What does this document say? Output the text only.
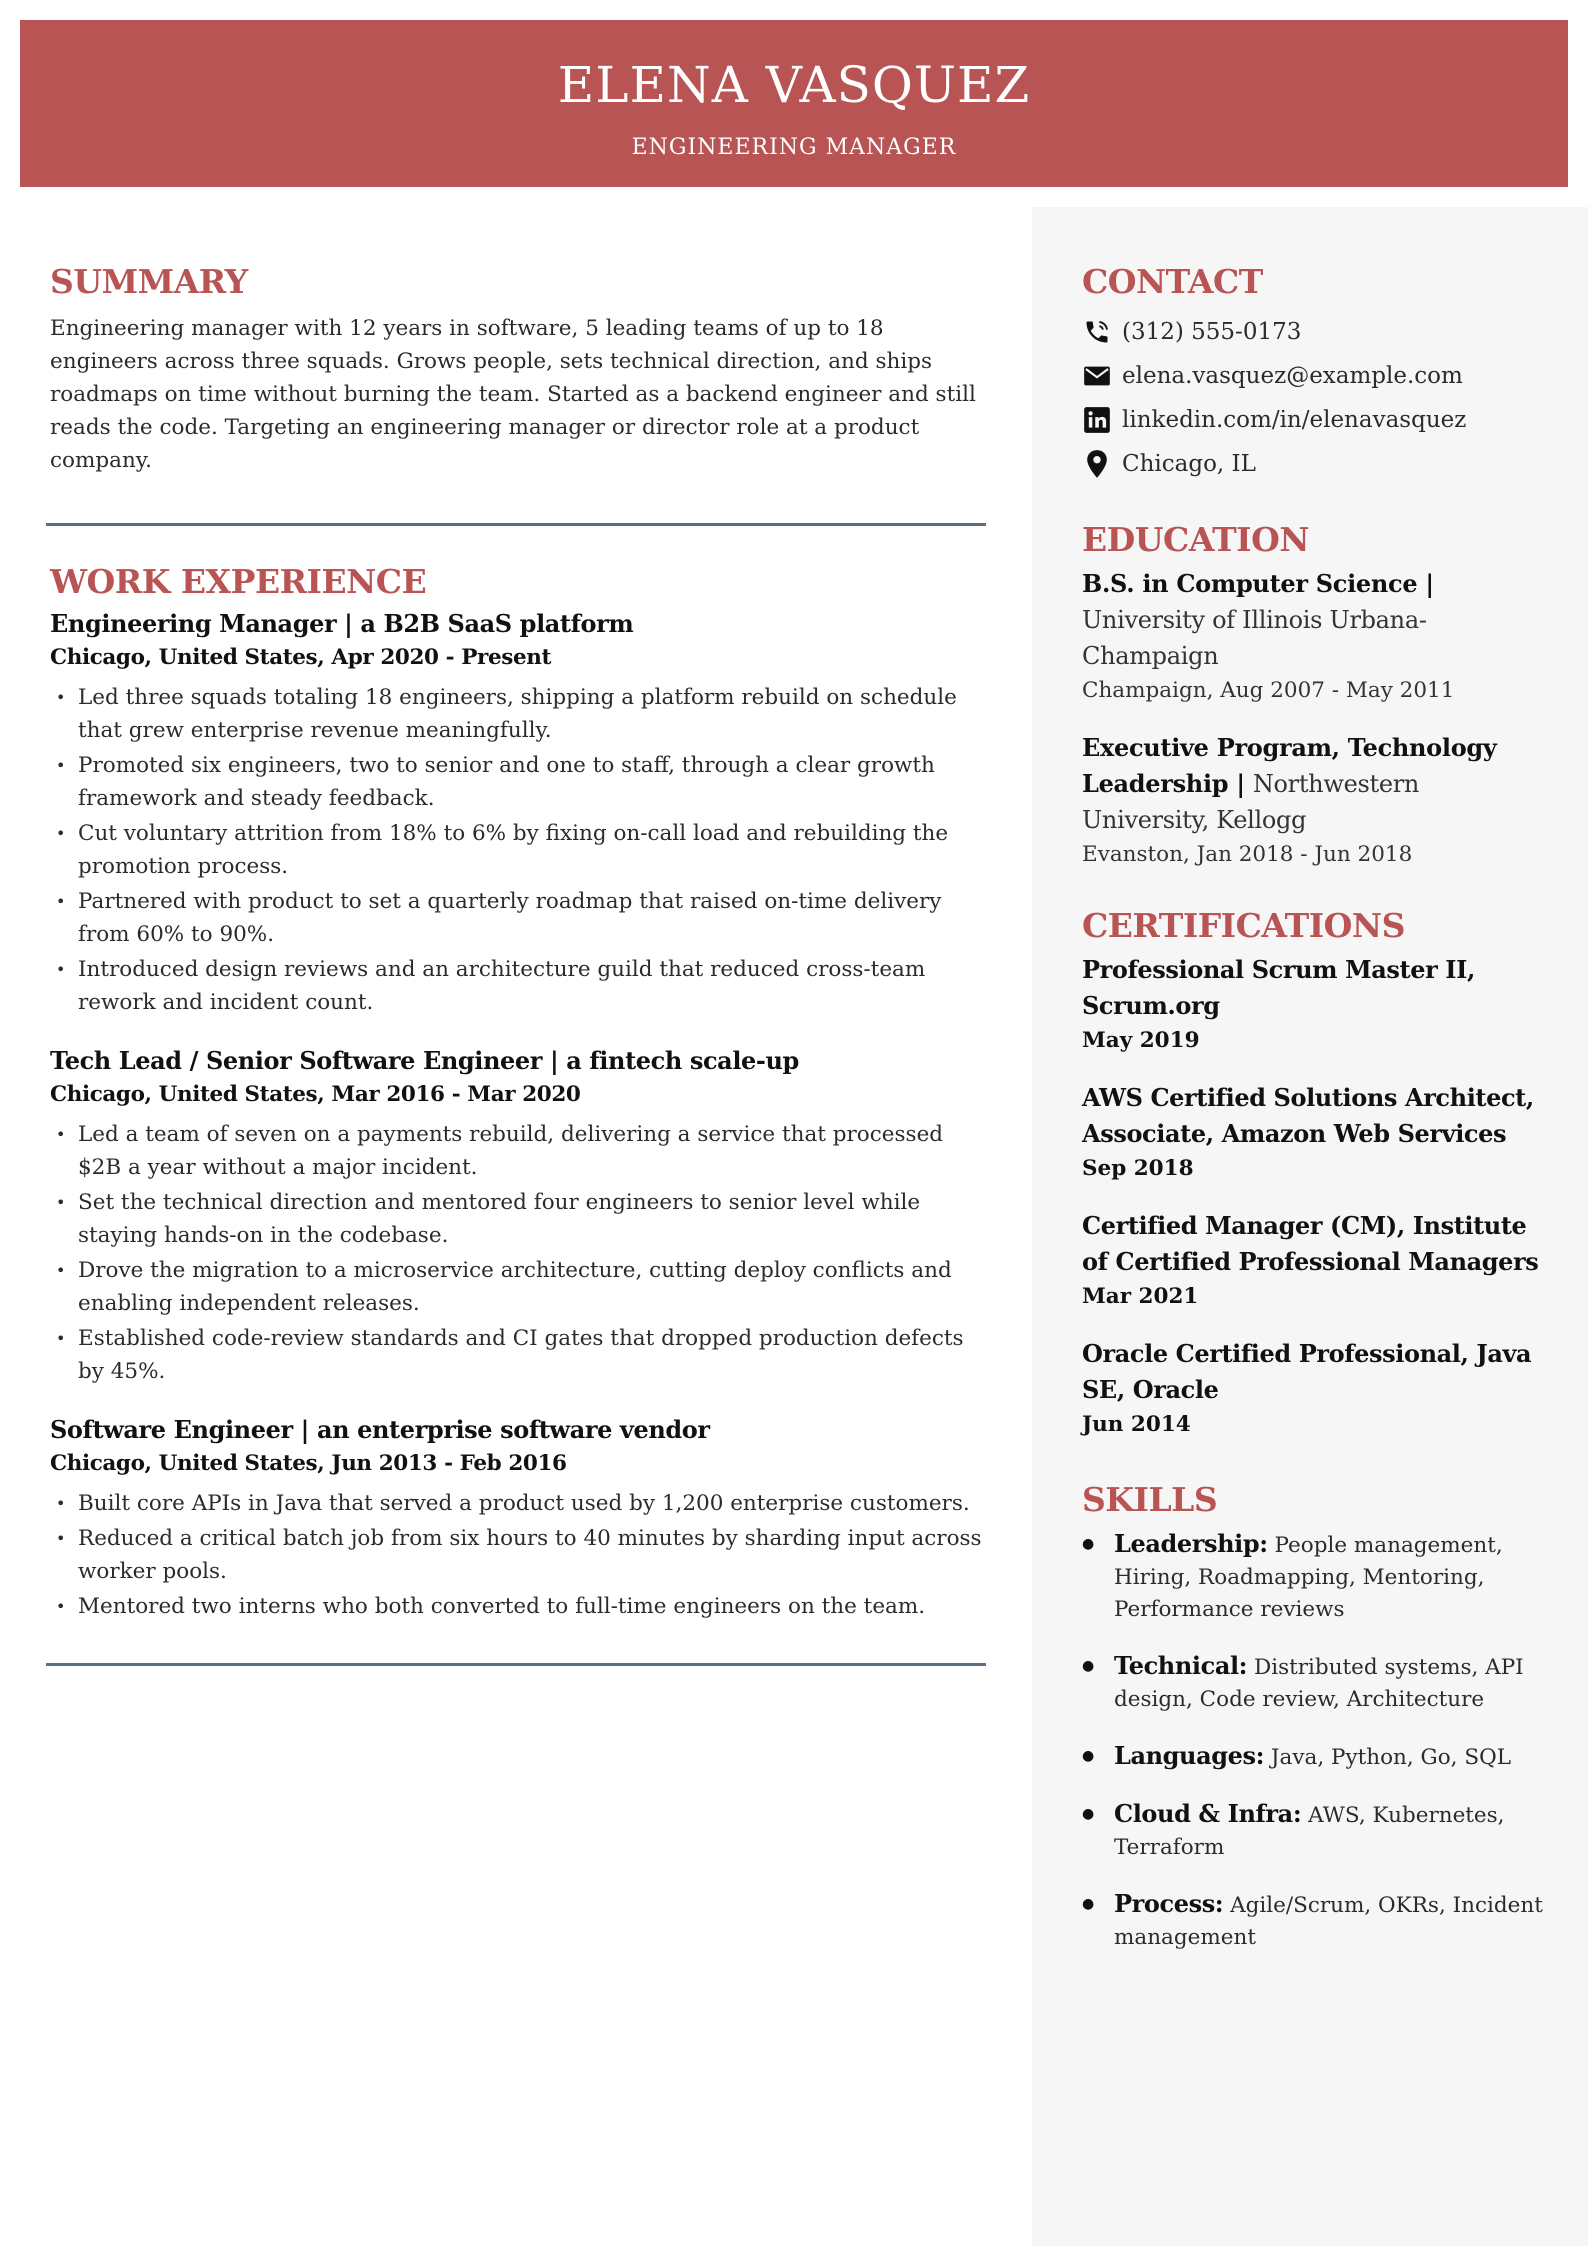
ELENA VASQUEZ
ENGINEERING MANAGER
SUMMARY

Engineering manager with 12 years in software, 5 leading teams of up to 18 engineers across three squads. Grows people, sets technical direction, and ships roadmaps on time without burning the team. Started as a backend engineer and still reads the code. Targeting an engineering manager or director role at a product company.

WORK EXPERIENCE
Engineering Manager | a B2B SaaS platform
Chicago, United States, Apr 2020 - Present
• Led three squads totaling 18 engineers, shipping a platform rebuild on schedule that grew enterprise revenue meaningfully.
• Promoted six engineers, two to senior and one to staff, through a clear growth framework and steady feedback.
• Cut voluntary attrition from 18% to 6% by fixing on-call load and rebuilding the promotion process.
• Partnered with product to set a quarterly roadmap that raised on-time delivery from 60% to 90%.
• Introduced design reviews and an architecture guild that reduced cross-team rework and incident count.
Tech Lead / Senior Software Engineer | a fintech scale-up
Chicago, United States, Mar 2016 - Mar 2020
• Led a team of seven on a payments rebuild, delivering a service that processed $2B a year without a major incident.
• Set the technical direction and mentored four engineers to senior level while staying hands-on in the codebase.
• Drove the migration to a microservice architecture, cutting deploy conflicts and enabling independent releases.
• Established code-review standards and CI gates that dropped production defects by 45%.
Software Engineer | an enterprise software vendor
Chicago, United States, Jun 2013 - Feb 2016
• Built core APIs in Java that served a product used by 1,200 enterprise customers.
• Reduced a critical batch job from six hours to 40 minutes by sharding input across worker pools.
• Mentored two interns who both converted to full-time engineers on the team.
CONTACT
(312) 555-0173
elena.vasquez@example.com
linkedin.com/in/elenavasquez
Chicago, IL
EDUCATION
B.S. in Computer Science | University of Illinois Urbana-Champaign
Champaign, Aug 2007 - May 2011
Executive Program, Technology Leadership | Northwestern University, Kellogg
Evanston, Jan 2018 - Jun 2018
CERTIFICATIONS
Professional Scrum Master II, Scrum.org
May 2019
AWS Certified Solutions Architect, Associate, Amazon Web Services
Sep 2018
Certified Manager (CM), Institute of Certified Professional Managers
Mar 2021
Oracle Certified Professional, Java SE, Oracle
Jun 2014
SKILLS
● Leadership: People management, Hiring, Roadmapping, Mentoring, Performance reviews
● Technical: Distributed systems, API design, Code review, Architecture
● Languages: Java, Python, Go, SQL
● Cloud & Infra: AWS, Kubernetes, Terraform
● Process: Agile/Scrum, OKRs, Incident management
